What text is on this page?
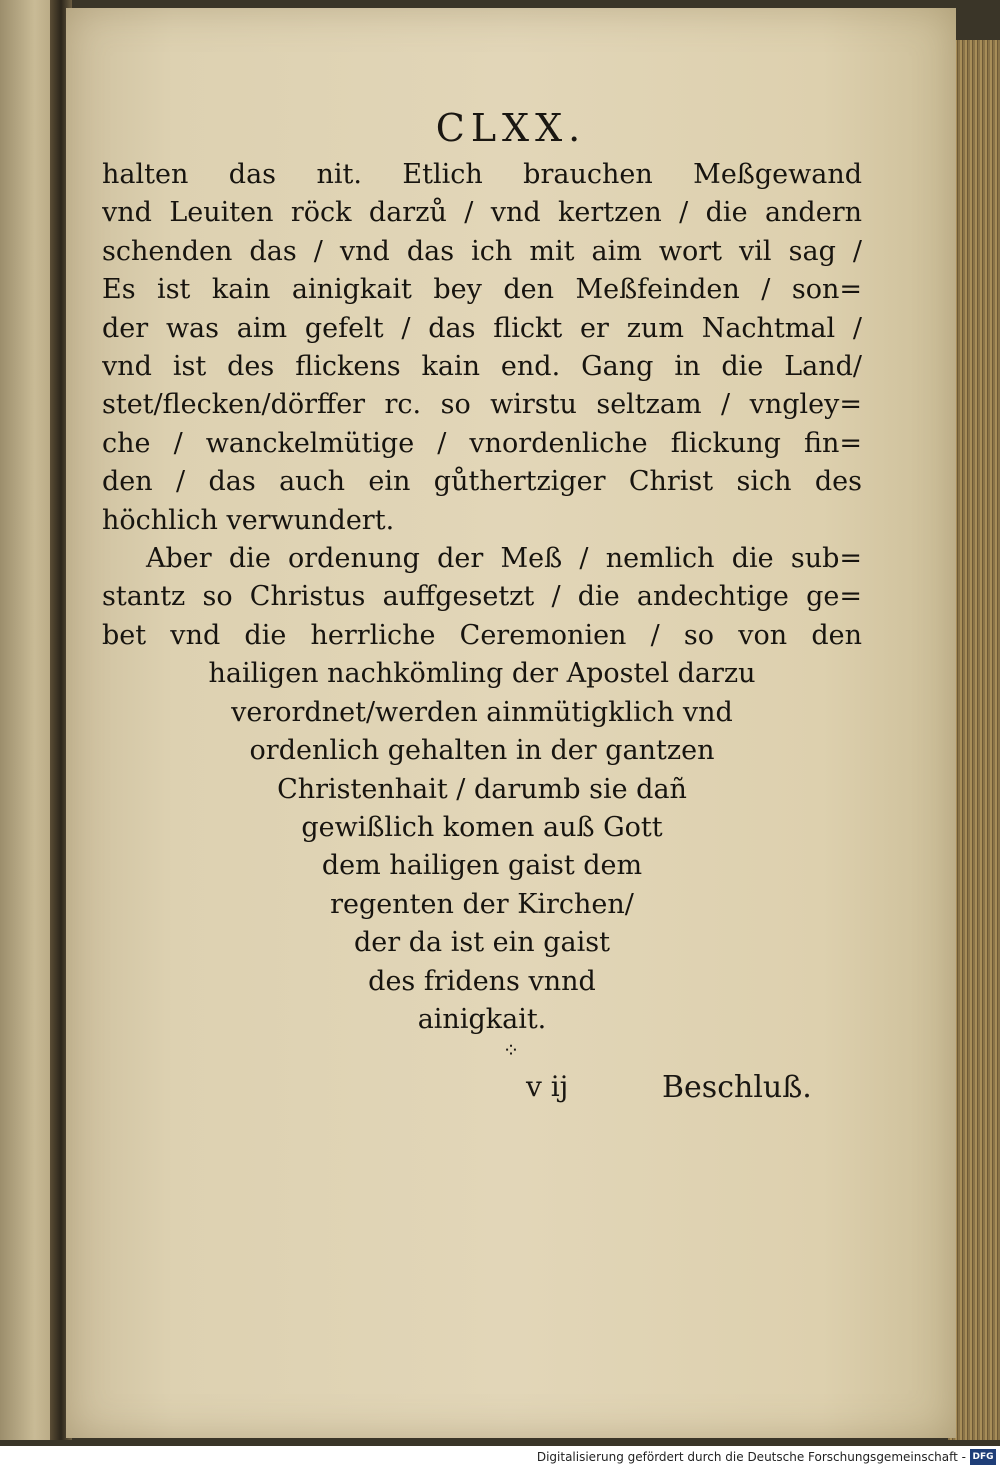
CLXX.
halten das nit. Etlich brauchen Meßgewand
vnd Leuiten röck darzů / vnd kertzen / die andern
schenden das / vnd das ich mit aim wort vil sag /
Es ist kain ainigkait bey den Meßfeinden / son=
der was aim gefelt / das flickt er zum Nachtmal /
vnd ist des flickens kain end. Gang in die Land/
stet/flecken/dörffer rc. so wirstu seltzam / vngley=
che / wanckelmütige / vnordenliche flickung fin=
den / das auch ein gůthertziger Christ sich des
höchlich verwundert.
Aber die ordenung der Meß / nemlich die sub=
stantz so Christus auffgesetzt / die andechtige ge=
bet vnd die herrliche Ceremonien / so von den
hailigen nachkömling der Apostel darzu
verordnet/werden ainmütigklich vnd
ordenlich gehalten in der gantzen
Christenhait / darumb sie dañ
gewißlich komen auß Gott
dem hailigen gaist dem
regenten der Kirchen/
der da ist ein gaist
des fridens vnnd
ainigkait.
⁘
v ij	Beschluß.
Digitalisierung gefördert durch die Deutsche Forschungsgemeinschaft - DFG
